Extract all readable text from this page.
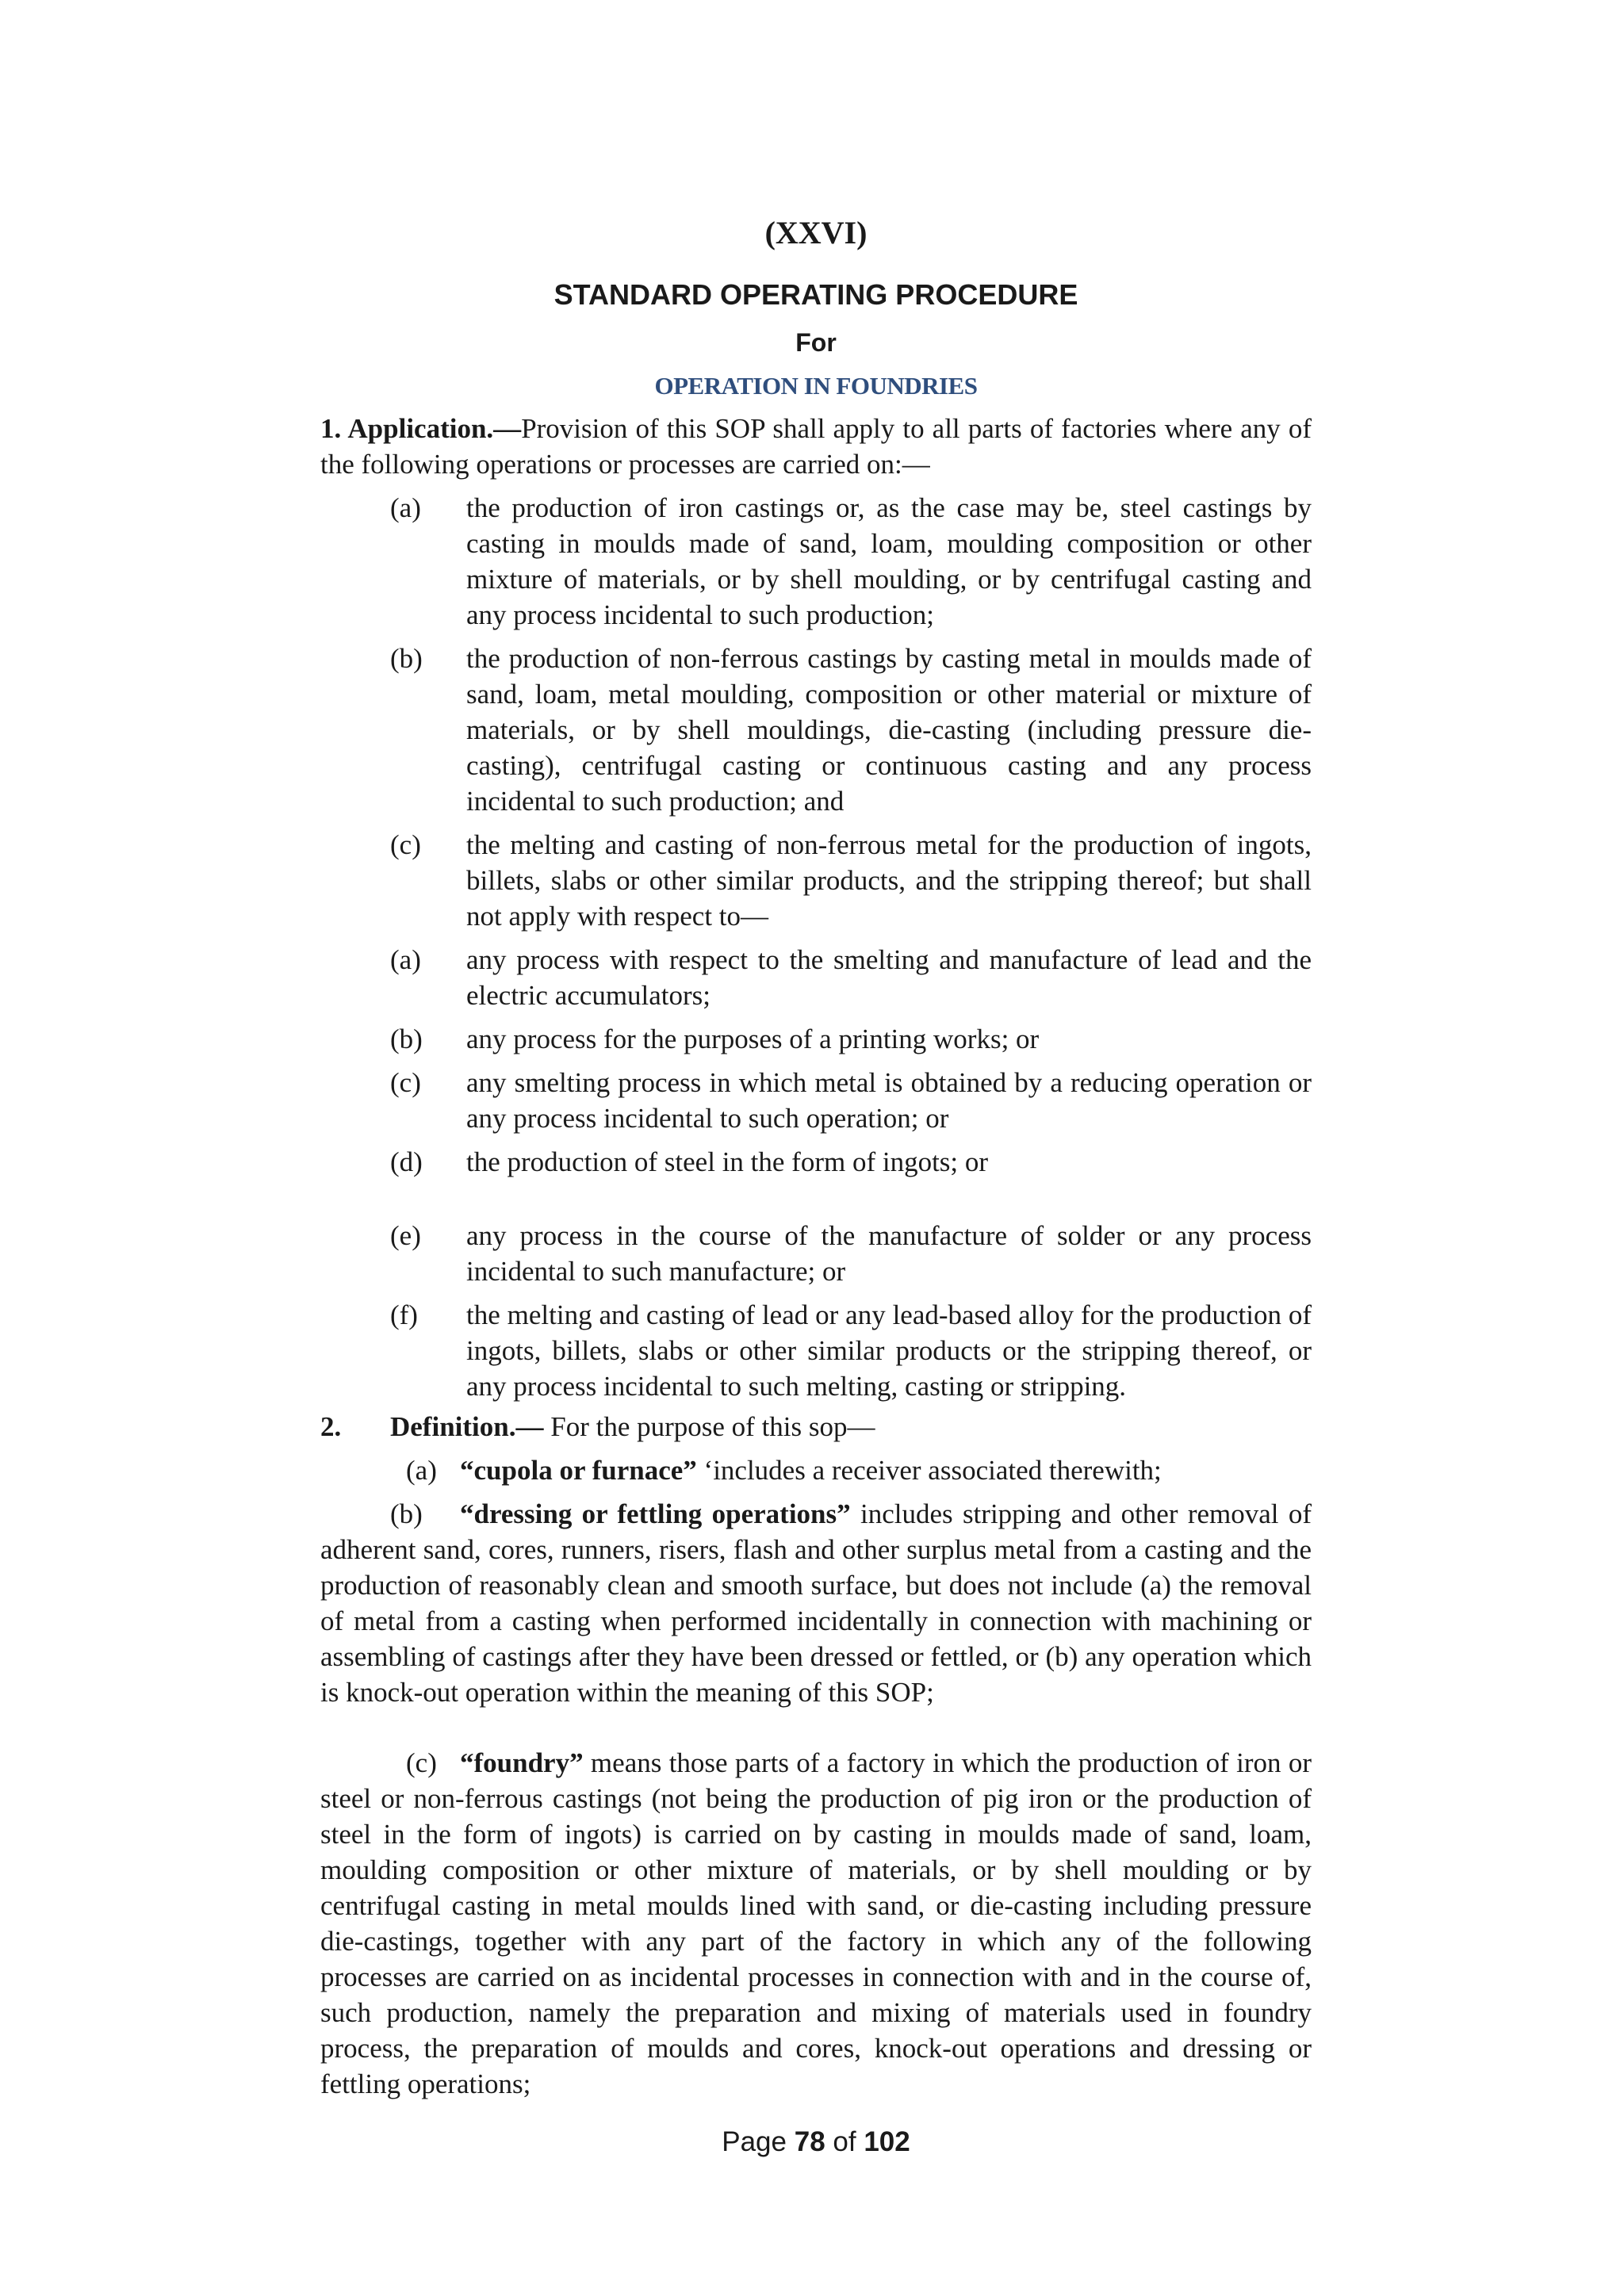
(XXVI)
STANDARD OPERATING PROCEDURE
For
OPERATION IN FOUNDRIES

1. Application.—Provision of this SOP shall apply to all parts of factories where any of the following operations or processes are carried on:—

(a) the production of iron castings or, as the case may be, steel castings by casting in moulds made of sand, loam, moulding composition or other mixture of materials, or by shell moulding, or by centrifugal casting and any process incidental to such production;

(b) the production of non-ferrous castings by casting metal in moulds made of sand, loam, metal moulding, composition or other material or mixture of materials, or by shell mouldings, die-casting (including pressure die-casting), centrifugal casting or continuous casting and any process incidental to such production; and

(c) the melting and casting of non-ferrous metal for the production of ingots, billets, slabs or other similar products, and the stripping thereof; but shall not apply with respect to—

(a) any process with respect to the smelting and manufacture of lead and the electric accumulators;

(b) any process for the purposes of a printing works; or

(c) any smelting process in which metal is obtained by a reducing operation or any process incidental to such operation; or

(d) the production of steel in the form of ingots; or

(e) any process in the course of the manufacture of solder or any process incidental to such manufacture; or

(f) the melting and casting of lead or any lead-based alloy for the production of ingots, billets, slabs or other similar products or the stripping thereof, or any process incidental to such melting, casting or stripping.

2. Definition.— For the purpose of this sop—

(a) “cupola or furnace” ‘includes a receiver associated therewith;

(b) “dressing or fettling operations” includes stripping and other removal of adherent sand, cores, runners, risers, flash and other surplus metal from a casting and the production of reasonably clean and smooth surface, but does not include (a) the removal of metal from a casting when performed incidentally in connection with machining or assembling of castings after they have been dressed or fettled, or (b) any operation which is knock-out operation within the meaning of this SOP;

(c) “foundry” means those parts of a factory in which the production of iron or steel or non-ferrous castings (not being the production of pig iron or the production of steel in the form of ingots) is carried on by casting in moulds made of sand, loam, moulding composition or other mixture of materials, or by shell moulding or by centrifugal casting in metal moulds lined with sand, or die-casting including pressure die-castings, together with any part of the factory in which any of the following processes are carried on as incidental processes in connection with and in the course of, such production, namely the preparation and mixing of materials used in foundry process, the preparation of moulds and cores, knock-out operations and dressing or fettling operations;

Page 78 of 102
